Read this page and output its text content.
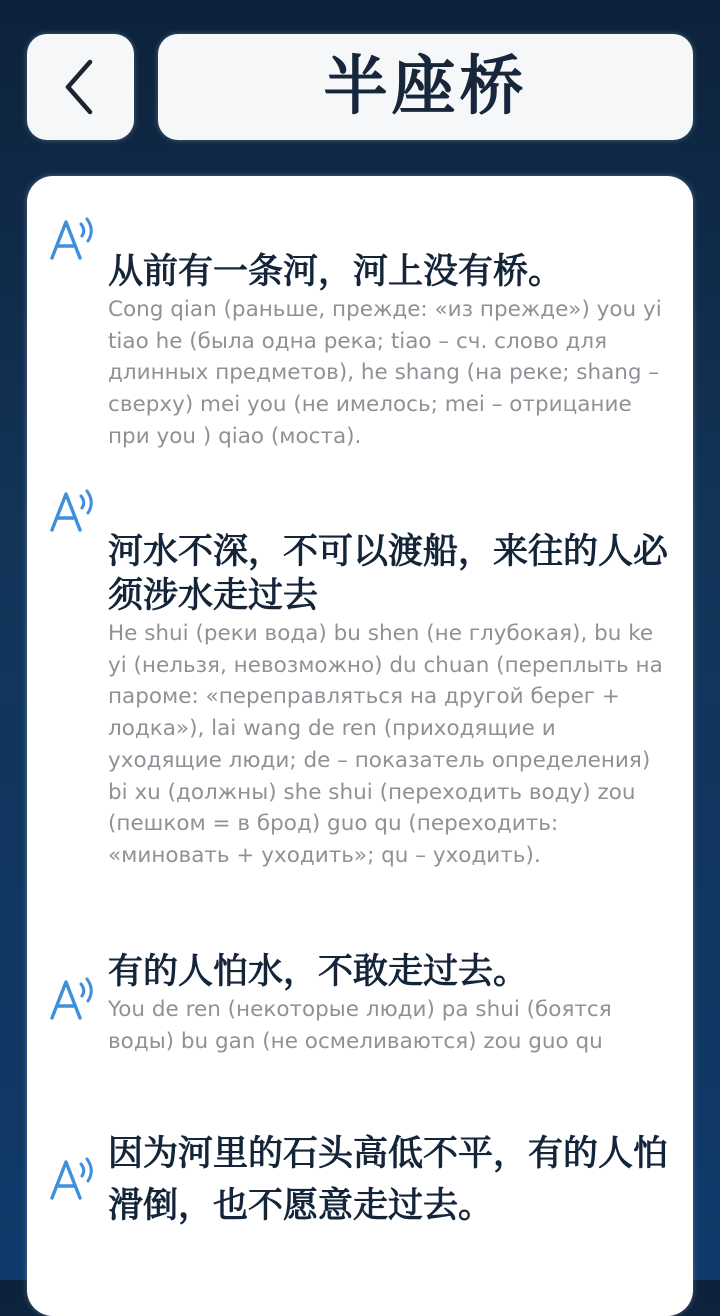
半座桥
从前有一条河，河上没有桥。
Cong qian (раньше, прежде: «из прежде») you yi tiao he (была одна река; tiao – сч. слово для длинных предметов), he shang (на реке; shang – сверху) mei you (не имелось; mei – отрицание при you ) qiao (моста).
河水不深，不可以渡船，来往的人必须涉水走过去
He shui (реки вода) bu shen (не глубокая), bu ke yi (нельзя, невозможно) du chuan (переплыть на пароме: «переправляться на другой берег + лодка»), lai wang de ren (приходящие и уходящие люди; de – показатель определения) bi xu (должны) she shui (переходить воду) zou (пешком = в брод) guo qu (переходить: «миновать + уходить»; qu – уходить).
有的人怕水，不敢走过去。
You de ren (некоторые люди) pa shui (боятся воды) bu gan (не осмеливаются) zou guo qu
因为河里的石头高低不平，有的人怕滑倒，也不愿意走过去。
